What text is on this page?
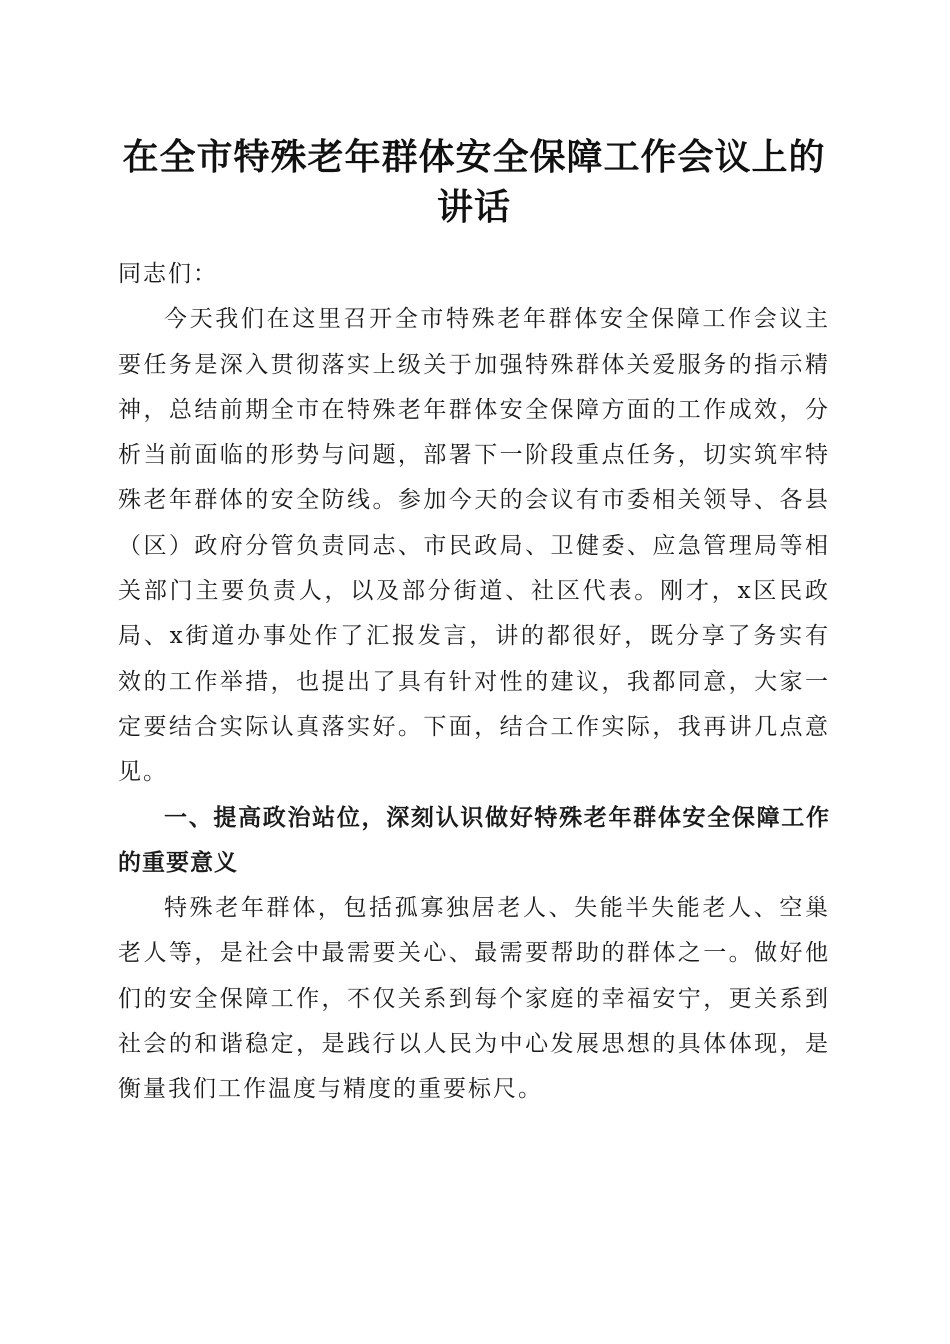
在全市特殊老年群体安全保障工作会议上的讲话

同志们：

今天我们在这里召开全市特殊老年群体安全保障工作会议主要任务是深入贯彻落实上级关于加强特殊群体关爱服务的指示精神，总结前期全市在特殊老年群体安全保障方面的工作成效，分析当前面临的形势与问题，部署下一阶段重点任务，切实筑牢特殊老年群体的安全防线。参加今天的会议有市委相关领导、各县（区）政府分管负责同志、市民政局、卫健委、应急管理局等相关部门主要负责人，以及部分街道、社区代表。刚才，x区民政局、x街道办事处作了汇报发言，讲的都很好，既分享了务实有效的工作举措，也提出了具有针对性的建议，我都同意，大家一定要结合实际认真落实好。下面，结合工作实际，我再讲几点意见。

一、提高政治站位，深刻认识做好特殊老年群体安全保障工作的重要意义

特殊老年群体，包括孤寡独居老人、失能半失能老人、空巢老人等，是社会中最需要关心、最需要帮助的群体之一。做好他们的安全保障工作，不仅关系到每个家庭的幸福安宁，更关系到社会的和谐稳定，是践行以人民为中心发展思想的具体体现，是衡量我们工作温度与精度的重要标尺。
